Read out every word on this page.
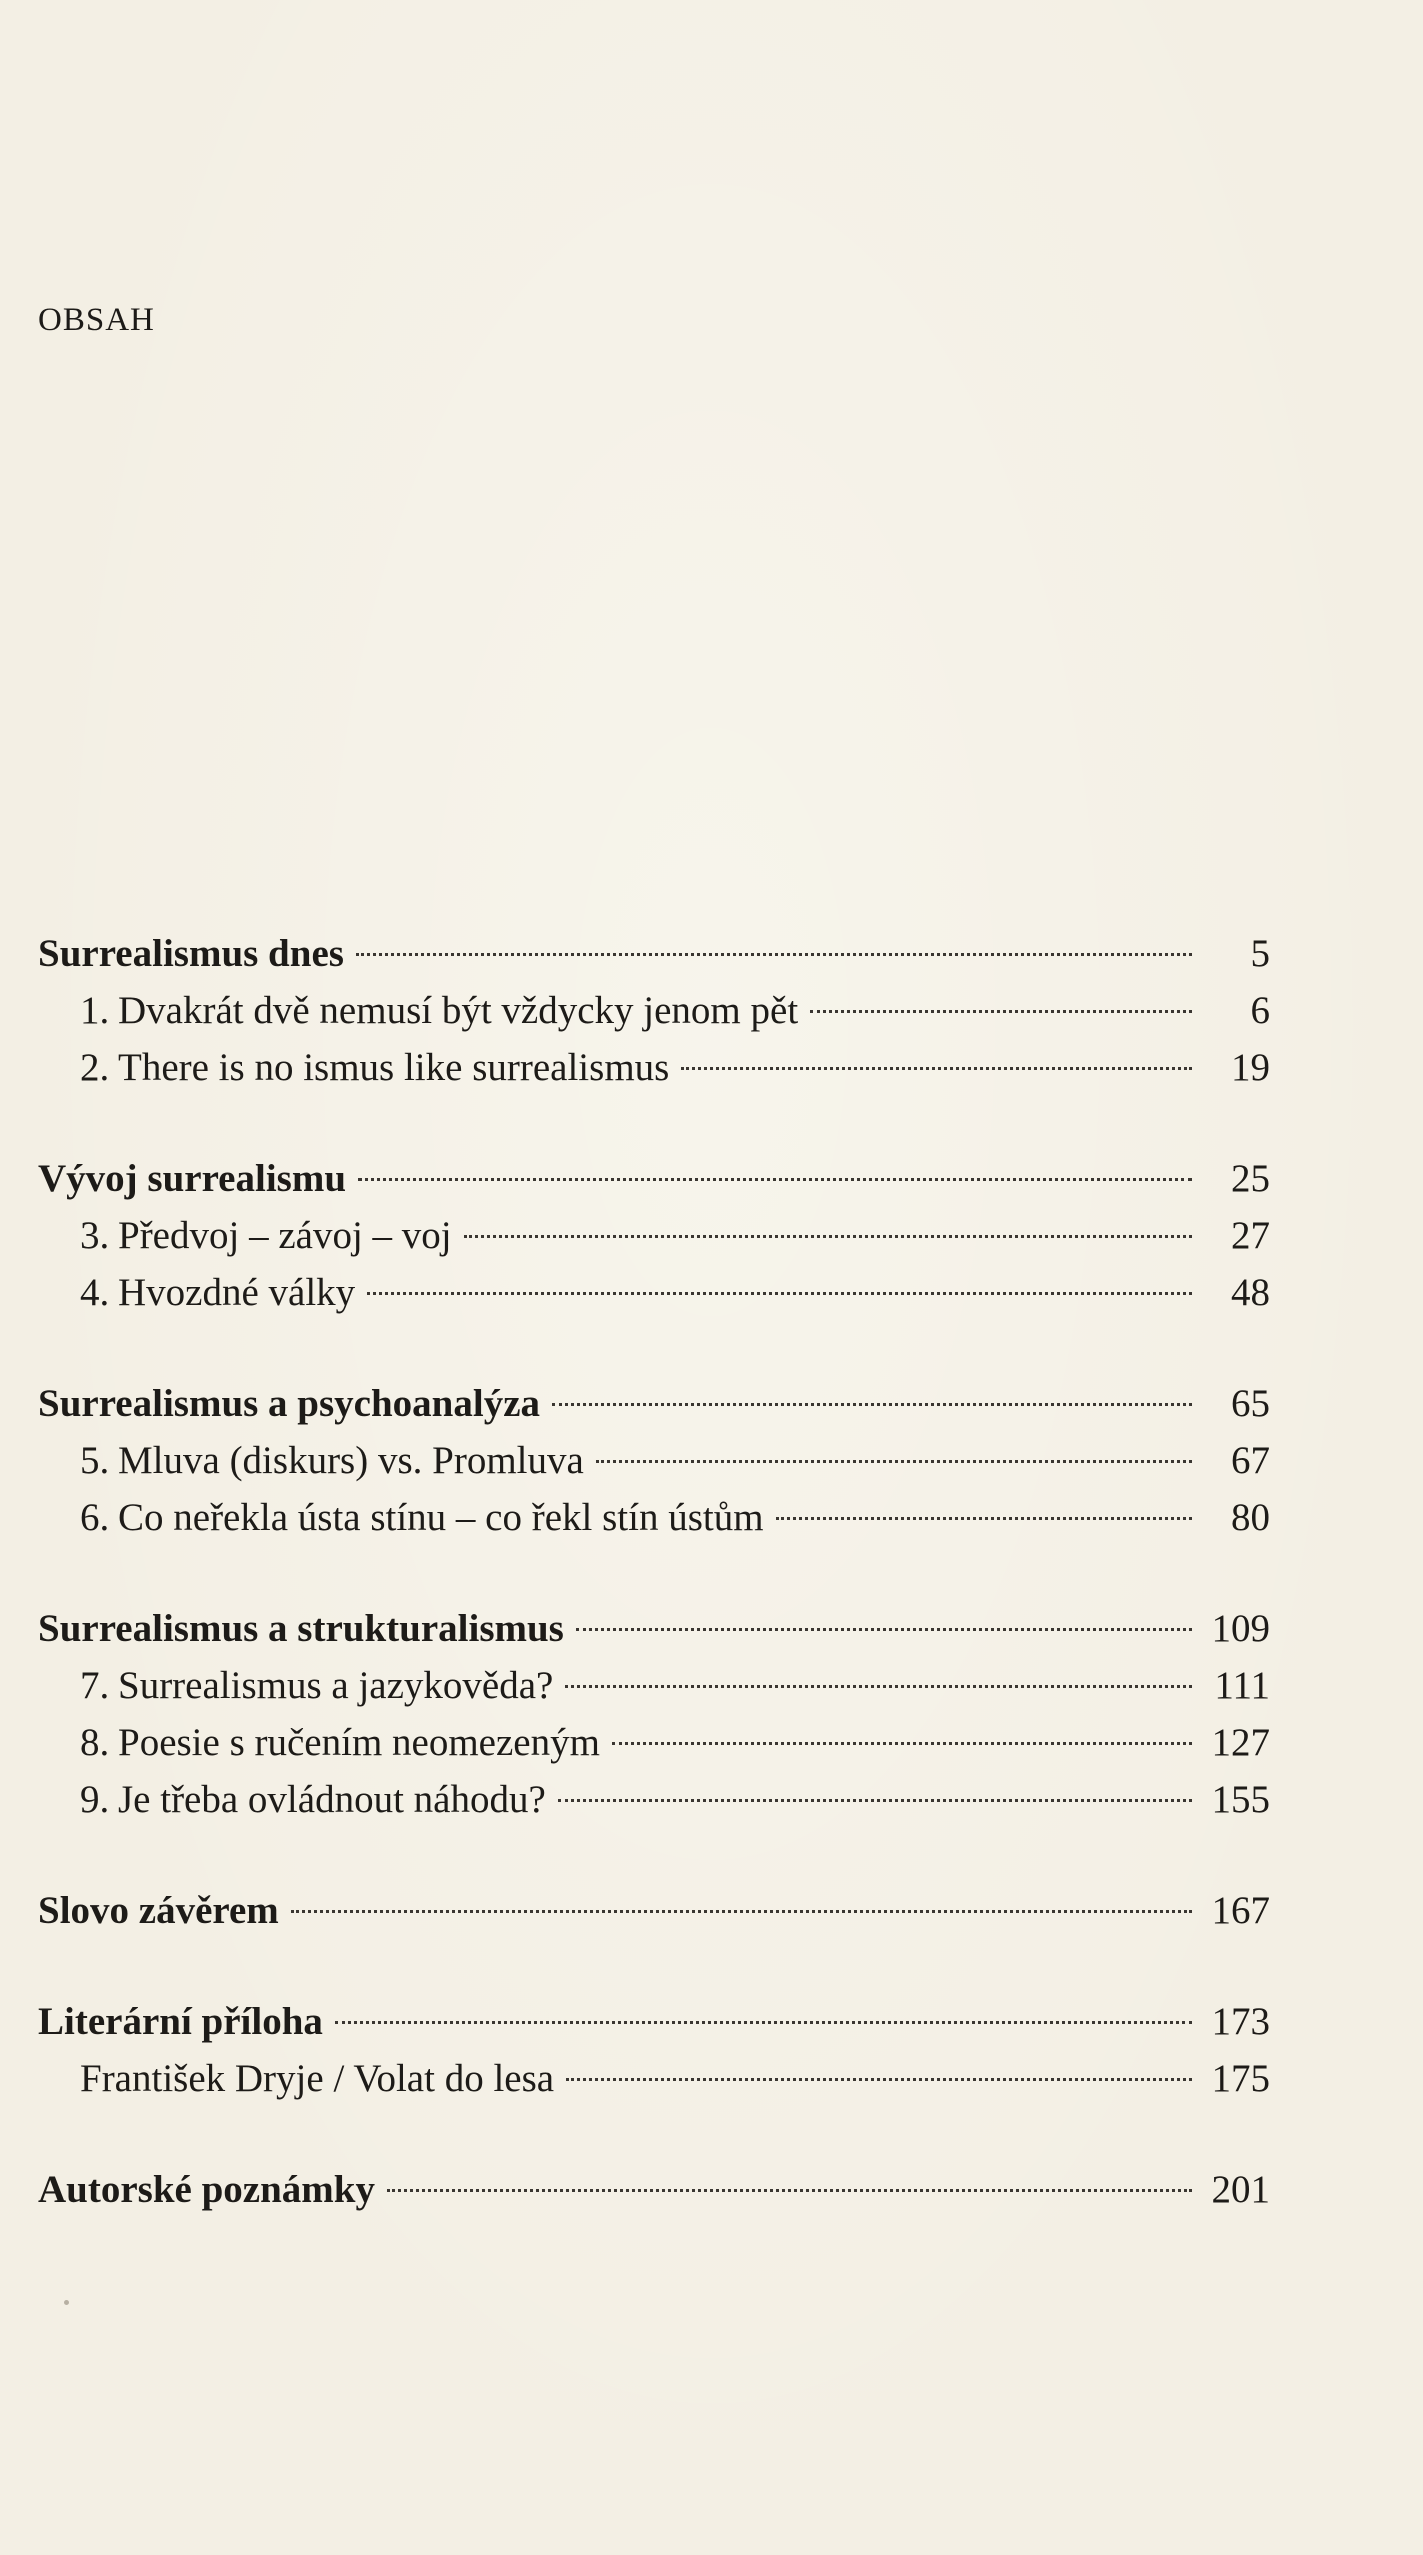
OBSAH
Surrealismus dnes	5
1. Dvakrát dvě nemusí být vždycky jenom pět	6
2. There is no ismus like surrealismus	19
Vývoj surrealismu	25
3. Předvoj – závoj – voj	27
4. Hvozdné války	48
Surrealismus a psychoanalýza	65
5. Mluva (diskurs) vs. Promluva	67
6. Co neřekla ústa stínu – co řekl stín ústům	80
Surrealismus a strukturalismus	109
7. Surrealismus a jazykověda?	111
8. Poesie s ručením neomezeným	127
9. Je třeba ovládnout náhodu?	155
Slovo závěrem	167
Literární příloha	173
František Dryje / Volat do lesa	175
Autorské poznámky	201
